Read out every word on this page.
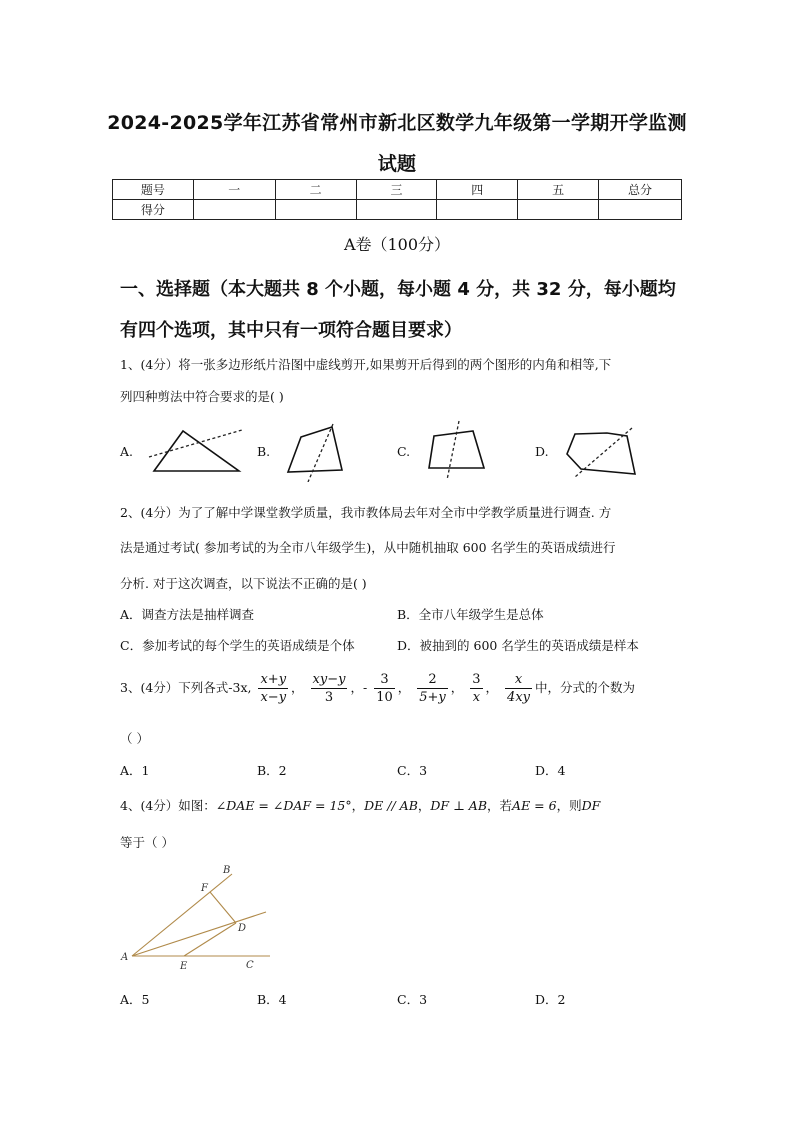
2024-2025学年江苏省常州市新北区数学九年级第一学期开学监测
试题
题号	一	二	三	四	五	总分
得分						
A卷（100分）
一、选择题（本大题共 8 个小题，每小题 4 分，共 32 分，每小题均
有四个选项，其中只有一项符合题目要求）
1、(4分）将一张多边形纸片沿图中虚线剪开,如果剪开后得到的两个图形的内角和相等,下
列四种剪法中符合要求的是( )
A.	B.	C.	D.
2、(4分）为了了解中学课堂教学质量，我市教体局去年对全市中学教学质量进行调查. 方
法是通过考试( 参加考试的为全市八年级学生)，从中随机抽取 600 名学生的英语成绩进行
分析. 对于这次调查，以下说法不正确的是( )
A．调查方法是抽样调查	B．全市八年级学生是总体
C．参加考试的每个学生的英语成绩是个体	D．被抽到的 600 名学生的英语成绩是样本
3、(4分）下列各式-3x, $\frac{x+y}{x-y}$ ， $\frac{xy-y}{3}$ ，- $\frac{3}{10}$ ， $\frac{2}{5+y}$ ， $\frac{3}{x}$ ， $\frac{x}{4xy}$ 中，分式的个数为
（ ）
A．1	B．2	C．3	D．4
4、(4分）如图：∠DAE = ∠DAF = 15°，DE // AB，DF ⊥ AB，若AE = 6，则DF
等于（ ）
A
B
C
D
E
F
A．5	B．4	C．3	D．2
